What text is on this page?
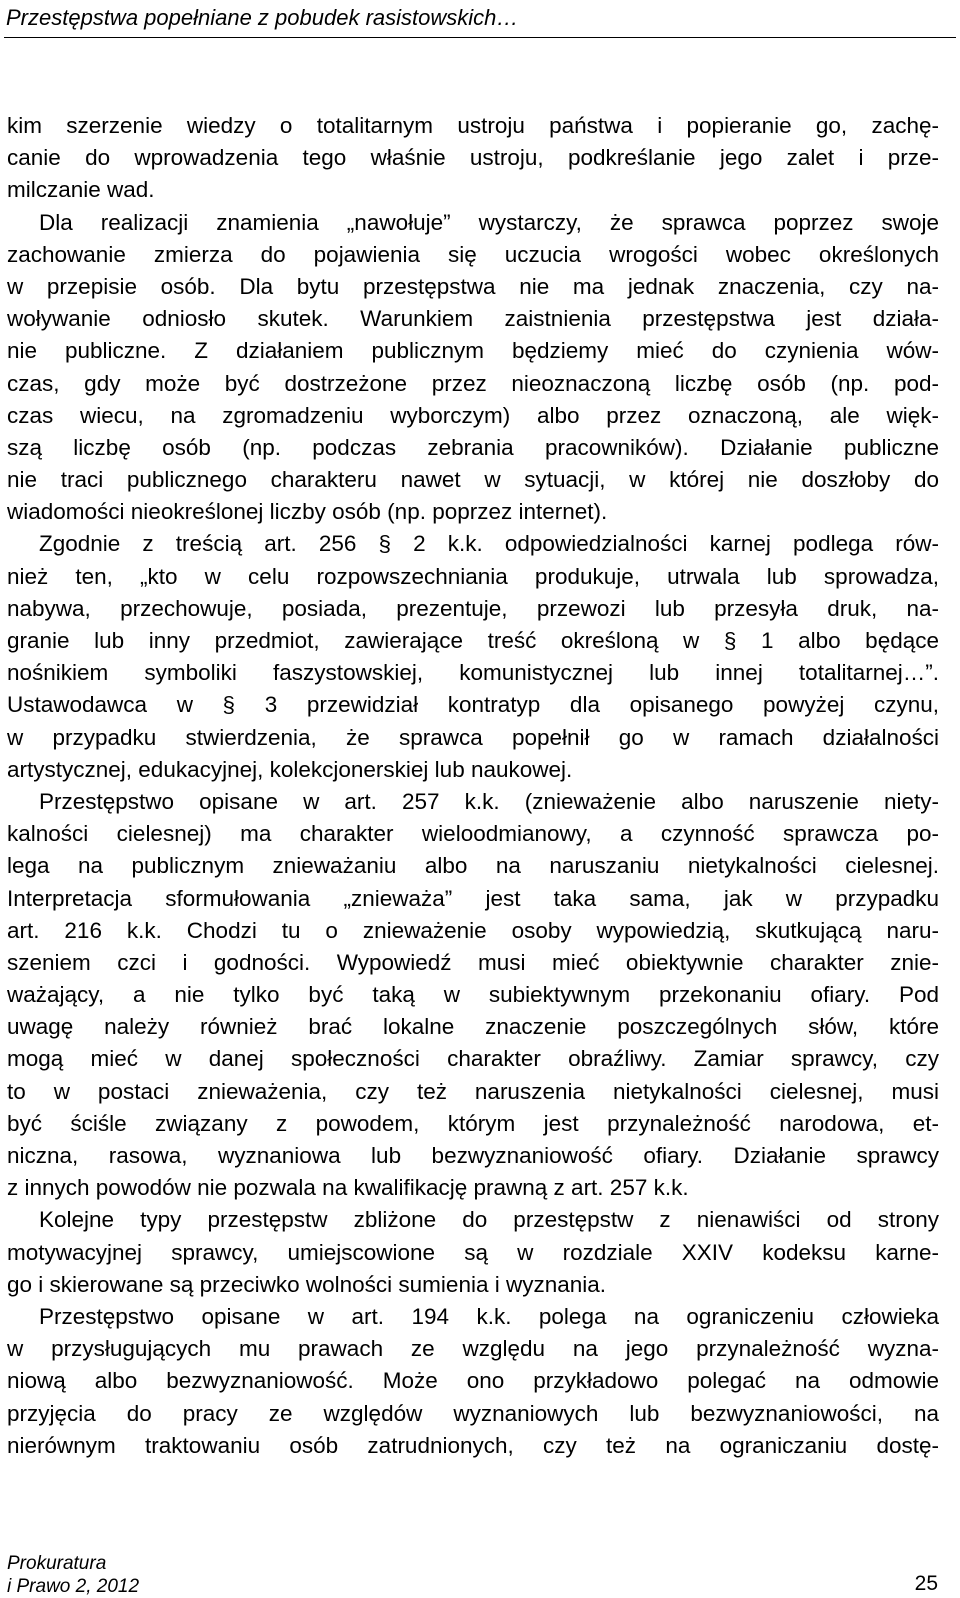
Przestępstwa popełniane z pobudek rasistowskich…

kim szerzenie wiedzy o totalitarnym ustroju państwa i popieranie go, zachę-
canie do wprowadzenia tego właśnie ustroju, podkreślanie jego zalet i prze-
milczanie wad.

Dla realizacji znamienia „nawołuje” wystarczy, że sprawca poprzez swoje
zachowanie zmierza do pojawienia się uczucia wrogości wobec określonych
w przepisie osób. Dla bytu przestępstwa nie ma jednak znaczenia, czy na-
woływanie odniosło skutek. Warunkiem zaistnienia przestępstwa jest działa-
nie publiczne. Z działaniem publicznym będziemy mieć do czynienia wów-
czas, gdy może być dostrzeżone przez nieoznaczoną liczbę osób (np. pod-
czas wiecu, na zgromadzeniu wyborczym) albo przez oznaczoną, ale więk-
szą liczbę osób (np. podczas zebrania pracowników). Działanie publiczne
nie traci publicznego charakteru nawet w sytuacji, w której nie doszłoby do
wiadomości nieokreślonej liczby osób (np. poprzez internet).

Zgodnie z treścią art. 256 § 2 k.k. odpowiedzialności karnej podlega rów-
nież ten, „kto w celu rozpowszechniania produkuje, utrwala lub sprowadza,
nabywa, przechowuje, posiada, prezentuje, przewozi lub przesyła druk, na-
granie lub inny przedmiot, zawierające treść określoną w § 1 albo będące
nośnikiem symboliki faszystowskiej, komunistycznej lub innej totalitarnej…”.
Ustawodawca w § 3 przewidział kontratyp dla opisanego powyżej czynu,
w przypadku stwierdzenia, że sprawca popełnił go w ramach działalności
artystycznej, edukacyjnej, kolekcjonerskiej lub naukowej.

Przestępstwo opisane w art. 257 k.k. (znieważenie albo naruszenie niety-
kalności cielesnej) ma charakter wieloodmianowy, a czynność sprawcza po-
lega na publicznym znieważaniu albo na naruszaniu nietykalności cielesnej.
Interpretacja sformułowania „znieważa” jest taka sama, jak w przypadku
art. 216 k.k. Chodzi tu o znieważenie osoby wypowiedzią, skutkującą naru-
szeniem czci i godności. Wypowiedź musi mieć obiektywnie charakter znie-
ważający, a nie tylko być taką w subiektywnym przekonaniu ofiary. Pod
uwagę należy również brać lokalne znaczenie poszczególnych słów, które
mogą mieć w danej społeczności charakter obraźliwy. Zamiar sprawcy, czy
to w postaci znieważenia, czy też naruszenia nietykalności cielesnej, musi
być ściśle związany z powodem, którym jest przynależność narodowa, et-
niczna, rasowa, wyznaniowa lub bezwyznaniowość ofiary. Działanie sprawcy
z innych powodów nie pozwala na kwalifikację prawną z art. 257 k.k.

Kolejne typy przestępstw zbliżone do przestępstw z nienawiści od strony
motywacyjnej sprawcy, umiejscowione są w rozdziale XXIV kodeksu karne-
go i skierowane są przeciwko wolności sumienia i wyznania.

Przestępstwo opisane w art. 194 k.k. polega na ograniczeniu człowieka
w przysługujących mu prawach ze względu na jego przynależność wyzna-
niową albo bezwyznaniowość. Może ono przykładowo polegać na odmowie
przyjęcia do pracy ze względów wyznaniowych lub bezwyznaniowości, na
nierównym traktowaniu osób zatrudnionych, czy też na ograniczaniu dostę-

Prokuratura
i Prawo 2, 2012	25
